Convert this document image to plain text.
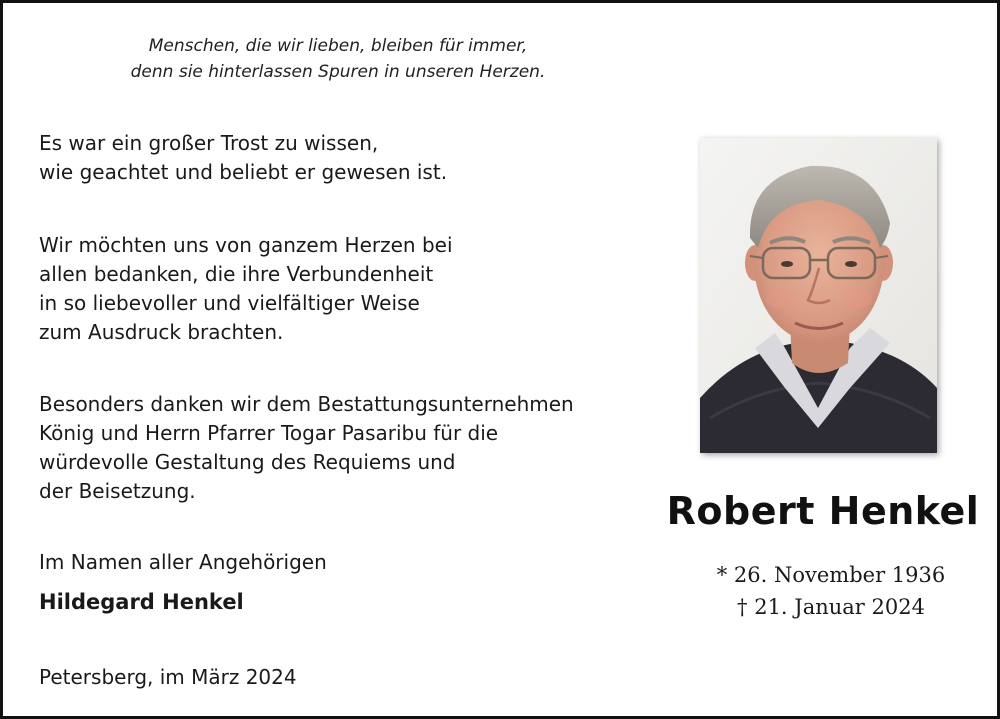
Menschen, die wir lieben, bleiben für immer,
denn sie hinterlassen Spuren in unseren Herzen.
Es war ein großer Trost zu wissen,
wie geachtet und beliebt er gewesen ist.
Wir möchten uns von ganzem Herzen bei
allen bedanken, die ihre Verbundenheit
in so liebevoller und vielfältiger Weise
zum Ausdruck brachten.
Besonders danken wir dem Bestattungsunternehmen
König und Herrn Pfarrer Togar Pasaribu für die
würdevolle Gestaltung des Requiems und
der Beisetzung.
Im Namen aller Angehörigen
Hildegard Henkel
Petersberg, im März 2024
Robert Henkel
* 26. November 1936
† 21. Januar 2024
